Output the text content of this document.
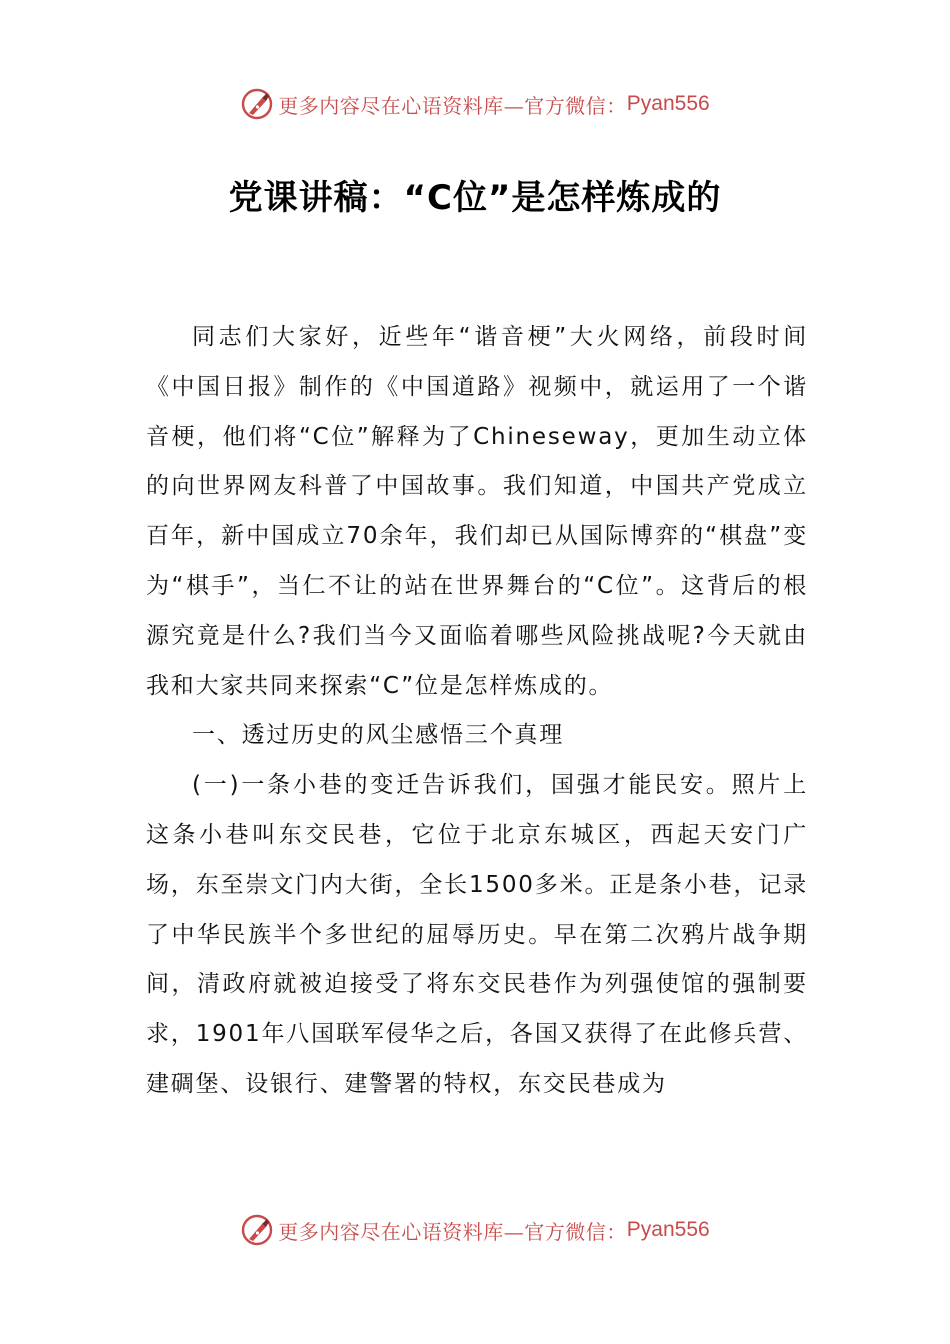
更多内容尽在心语资料库—官方微信： Pyan556
党课讲稿：“C位”是怎样炼成的

同志们大家好，近些年“谐音梗”大火网络，前段时间《中国日报》制作的《中国道路》视频中，就运用了一个谐音梗，他们将“C位”解释为了Chineseway，更加生动立体的向世界网友科普了中国故事。我们知道，中国共产党成立百年，新中国成立70余年，我们却已从国际博弈的“棋盘”变为“棋手”，当仁不让的站在世界舞台的“C位”。这背后的根源究竟是什么?我们当今又面临着哪些风险挑战呢?今天就由我和大家共同来探索“C”位是怎样炼成的。

一、透过历史的风尘感悟三个真理

(一)一条小巷的变迁告诉我们，国强才能民安。照片上这条小巷叫东交民巷，它位于北京东城区，西起天安门广场，东至崇文门内大街，全长1500多米。正是条小巷，记录了中华民族半个多世纪的屈辱历史。早在第二次鸦片战争期间，清政府就被迫接受了将东交民巷作为列强使馆的强制要求，1901年八国联军侵华之后，各国又获得了在此修兵营、建碉堡、设银行、建警署的特权，东交民巷成为

更多内容尽在心语资料库—官方微信： Pyan556
